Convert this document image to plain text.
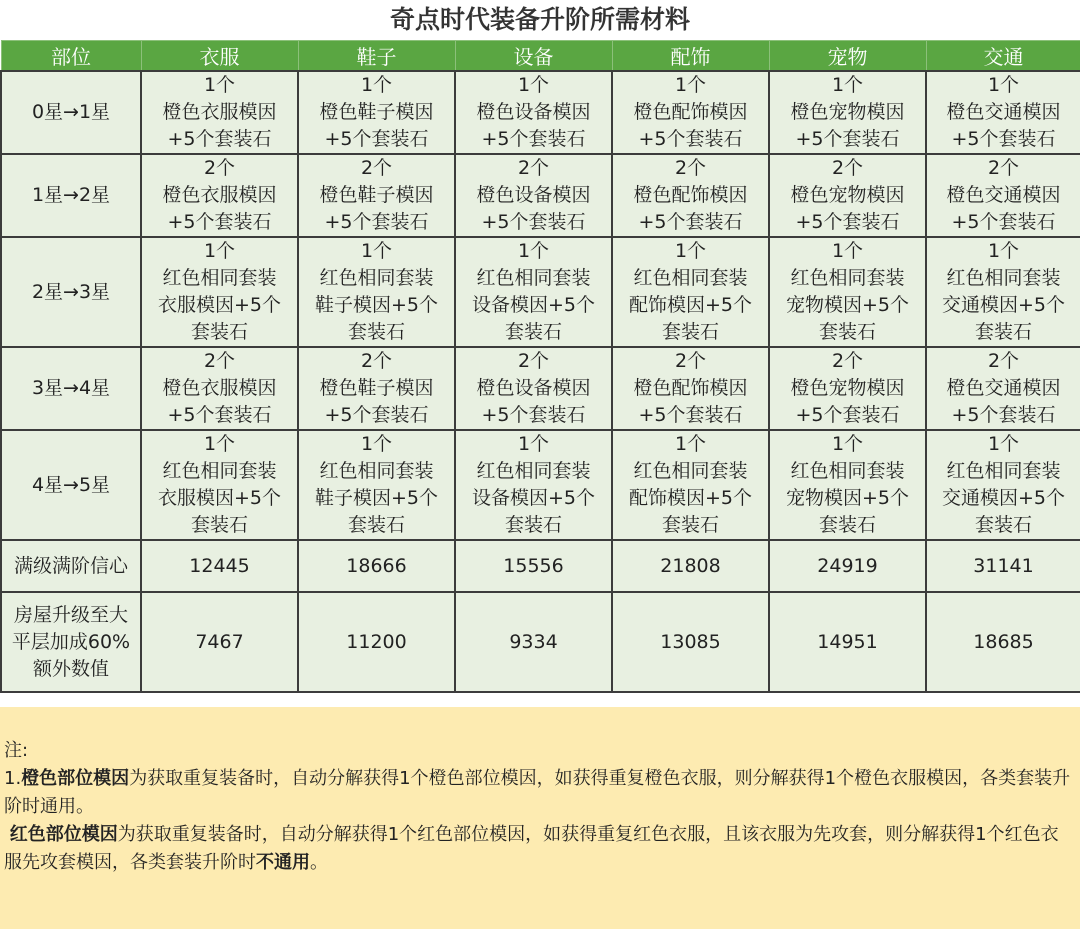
奇点时代装备升阶所需材料
部位	衣服	鞋子	设备	配饰	宠物	交通
0星→1星	1个
橙色衣服模因
+5个套装石	1个
橙色鞋子模因
+5个套装石	1个
橙色设备模因
+5个套装石	1个
橙色配饰模因
+5个套装石	1个
橙色宠物模因
+5个套装石	1个
橙色交通模因
+5个套装石

1星→2星	2个
橙色衣服模因
+5个套装石	2个
橙色鞋子模因
+5个套装石	2个
橙色设备模因
+5个套装石	2个
橙色配饰模因
+5个套装石	2个
橙色宠物模因
+5个套装石	2个
橙色交通模因
+5个套装石

2星→3星	1个
红色相同套装
衣服模因+5个
套装石	1个
红色相同套装
鞋子模因+5个
套装石	1个
红色相同套装
设备模因+5个
套装石	1个
红色相同套装
配饰模因+5个
套装石	1个
红色相同套装
宠物模因+5个
套装石	1个
红色相同套装
交通模因+5个
套装石

3星→4星	2个
橙色衣服模因
+5个套装石	2个
橙色鞋子模因
+5个套装石	2个
橙色设备模因
+5个套装石	2个
橙色配饰模因
+5个套装石	2个
橙色宠物模因
+5个套装石	2个
橙色交通模因
+5个套装石

4星→5星	1个
红色相同套装
衣服模因+5个
套装石	1个
红色相同套装
鞋子模因+5个
套装石	1个
红色相同套装
设备模因+5个
套装石	1个
红色相同套装
配饰模因+5个
套装石	1个
红色相同套装
宠物模因+5个
套装石	1个
红色相同套装
交通模因+5个
套装石

满级满阶信心	12445	18666	15556	21808	24919	31141

房屋升级至大
平层加成60%
额外数值	7467	11200	9334	13085	14951	18685

注:

1.橙色部位模因为获取重复装备时，自动分解获得1个橙色部位模因，如获得重复橙色衣服，则分解获得1个橙色衣服模因，各类套装升阶时通用。

红色部位模因为获取重复装备时，自动分解获得1个红色部位模因，如获得重复红色衣服，且该衣服为先攻套，则分解获得1个红色衣服先攻套模因，各类套装升阶时不通用。
